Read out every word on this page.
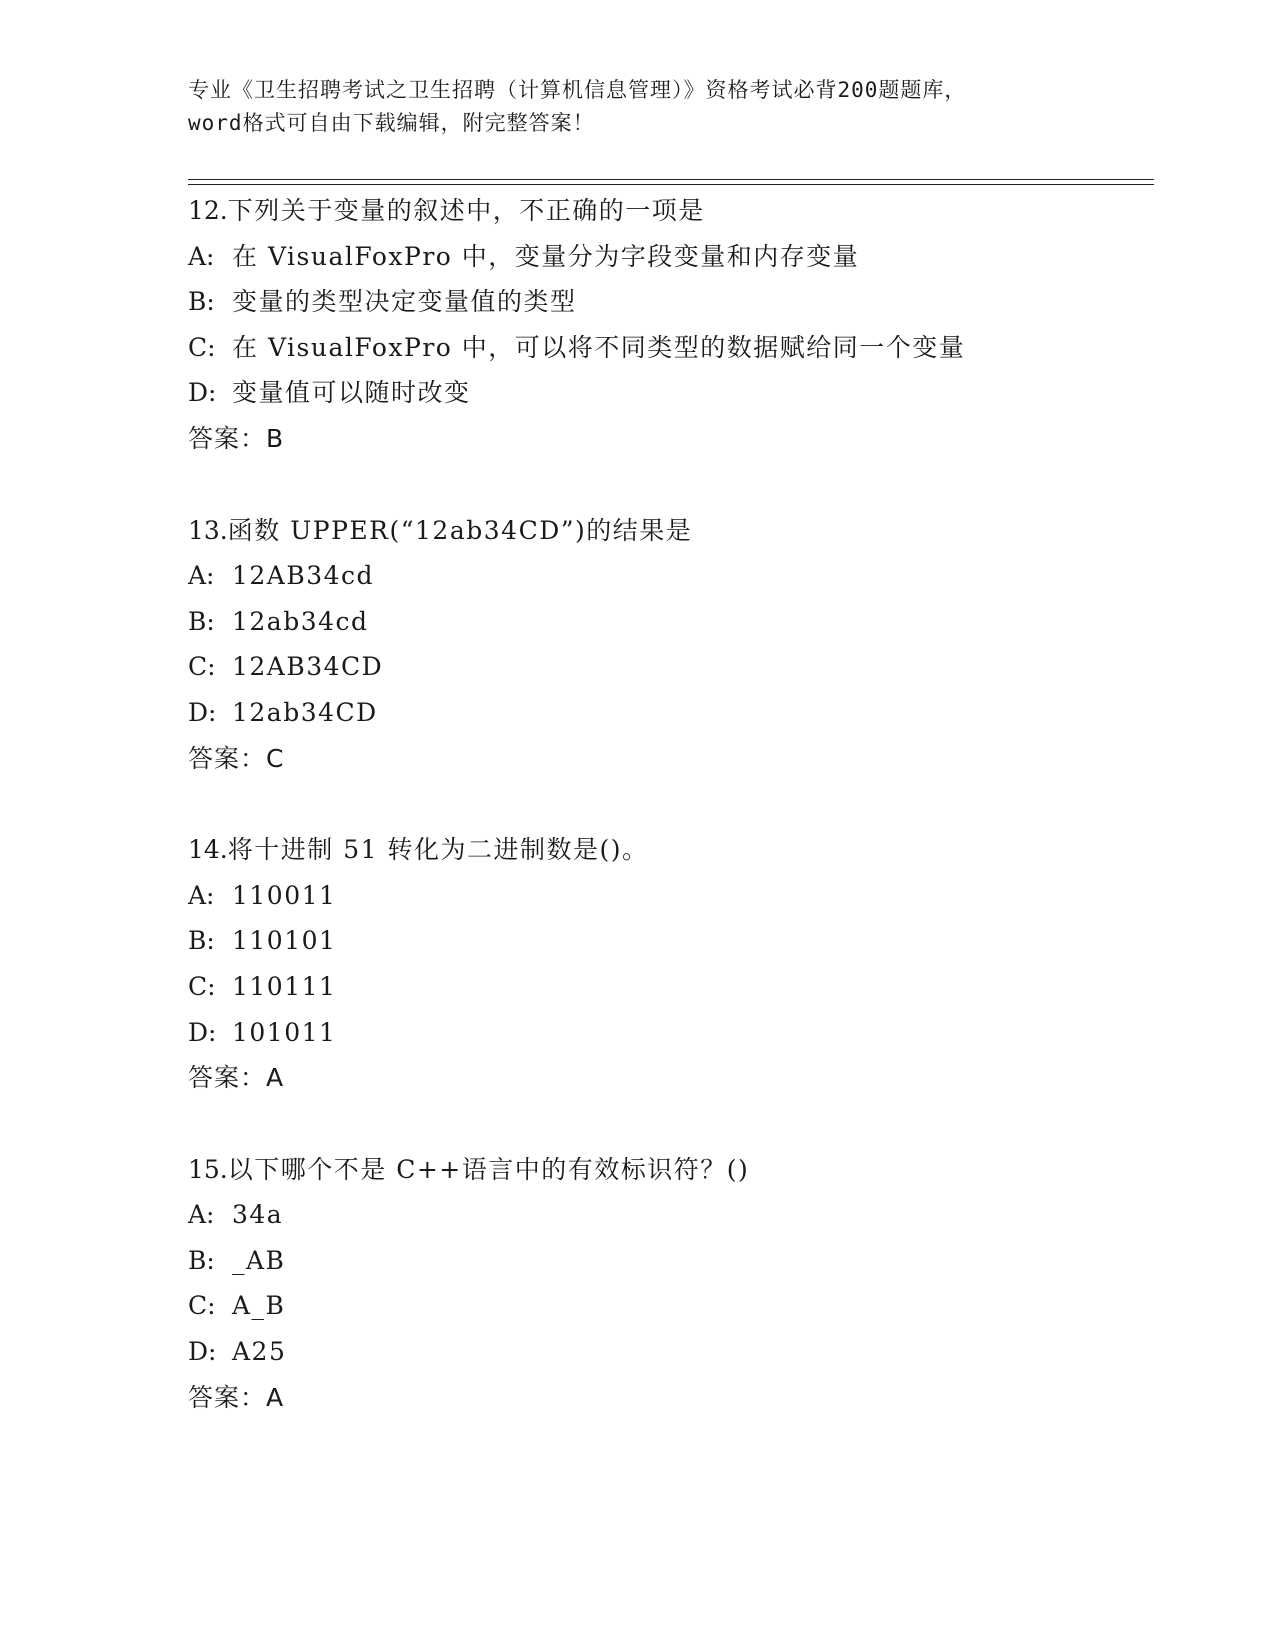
专业《卫生招聘考试之卫生招聘（计算机信息管理）》资格考试必背200题题库，
word格式可自由下载编辑，附完整答案！
12.下列关于变量的叙述中，不正确的一项是
A: 在 VisualFoxPro 中，变量分为字段变量和内存变量
B: 变量的类型决定变量值的类型
C: 在 VisualFoxPro 中，可以将不同类型的数据赋给同一个变量
D: 变量值可以随时改变
答案：B
13.函数 UPPER(“12ab34CD”)的结果是
A: 12AB34cd
B: 12ab34cd
C: 12AB34CD
D: 12ab34CD
答案：C
14.将十进制 51 转化为二进制数是()。
A: 110011
B: 110101
C: 110111
D: 101011
答案：A
15.以下哪个不是 C++语言中的有效标识符？()
A: 34a
B: _AB
C: A_B
D: A25
答案：A
